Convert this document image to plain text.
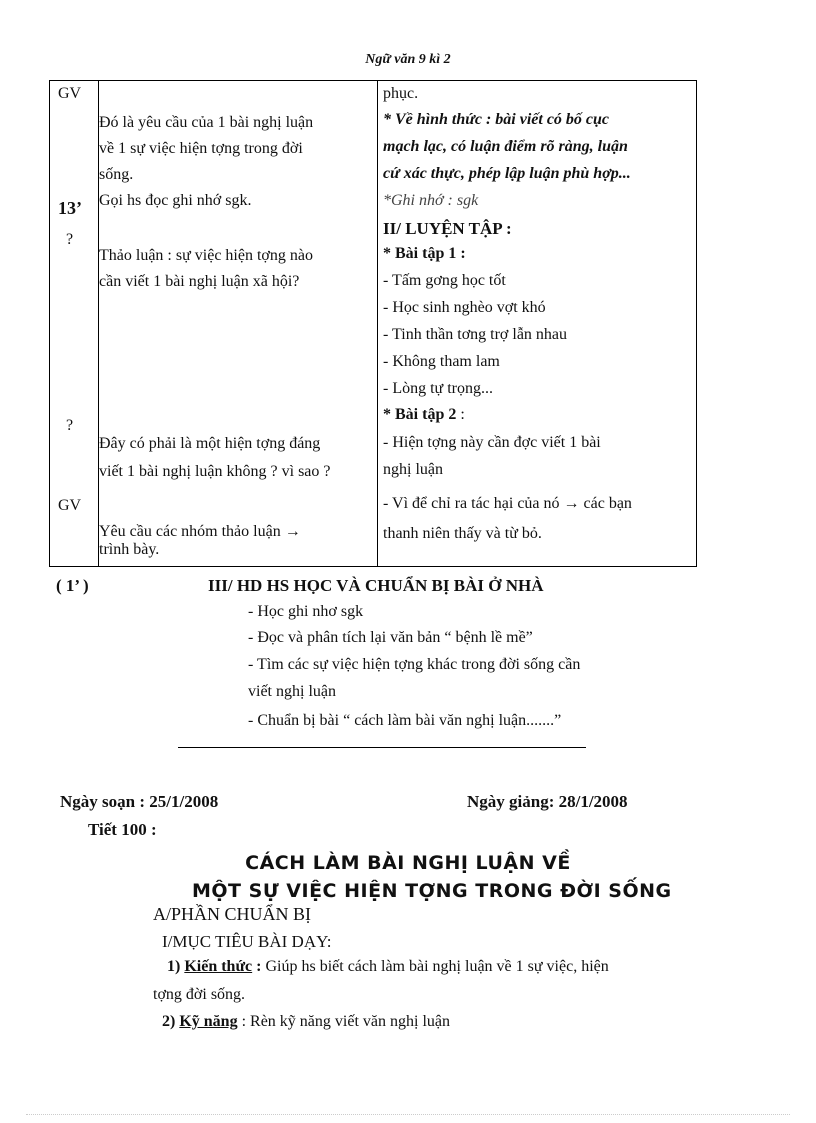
Ngữ văn 9 kì 2
GV
13’
?
?
GV
Đó là yêu cầu của 1 bài nghị luận
về 1 sự việc hiện tợng trong đời
sống.
Gọi hs đọc ghi nhớ sgk.
Thảo luận : sự việc hiện tợng nào
cần viết 1 bài nghị luận xã hội?
Đây có phải là một hiện tợng đáng
viết 1 bài nghị luận không ? vì sao ?
Yêu cầu các nhóm thảo luận →
trình bày.
phục.
* Về hình thức : bài viết có bố cục
mạch lạc, có luận điểm rõ ràng, luận
cứ xác thực, phép lập luận phù hợp...
*Ghi nhớ : sgk
II/ LUYỆN TẬP :
* Bài tập 1 :
- Tấm gơng học tốt
- Học sinh nghèo vợt khó
- Tinh thần tơng trợ lẫn nhau
- Không tham lam
- Lòng tự trọng...
* Bài tập 2 :
- Hiện tợng này cần đợc viết 1 bài
nghị luận
- Vì để chỉ ra tác hại của nó → các bạn
thanh niên thấy và từ bỏ.
( 1’ )	III/ HD HS HỌC VÀ CHUẨN BỊ BÀI Ở NHÀ
- Học ghi nhơ sgk
- Đọc và phân tích lại văn bản “ bệnh lề mề”
- Tìm các sự việc hiện tợng khác trong đời sống cần
viết nghị luận
- Chuẩn bị bài “ cách làm bài văn nghị luận.......”
Ngày soạn : 25/1/2008	Ngày giảng: 28/1/2008
Tiết 100 :
CÁCH LÀM BÀI NGHỊ LUẬN VỀ
MỘT SỰ VIỆC HIỆN TỢNG TRONG ĐỜI SỐNG
A/PHẦN CHUẨN BỊ
I/MỤC TIÊU BÀI DẠY:
1) Kiến thức : Giúp hs biết cách làm bài nghị luận về 1 sự việc, hiện
tợng đời sống.
2) Kỹ năng : Rèn kỹ năng viết văn nghị luận
